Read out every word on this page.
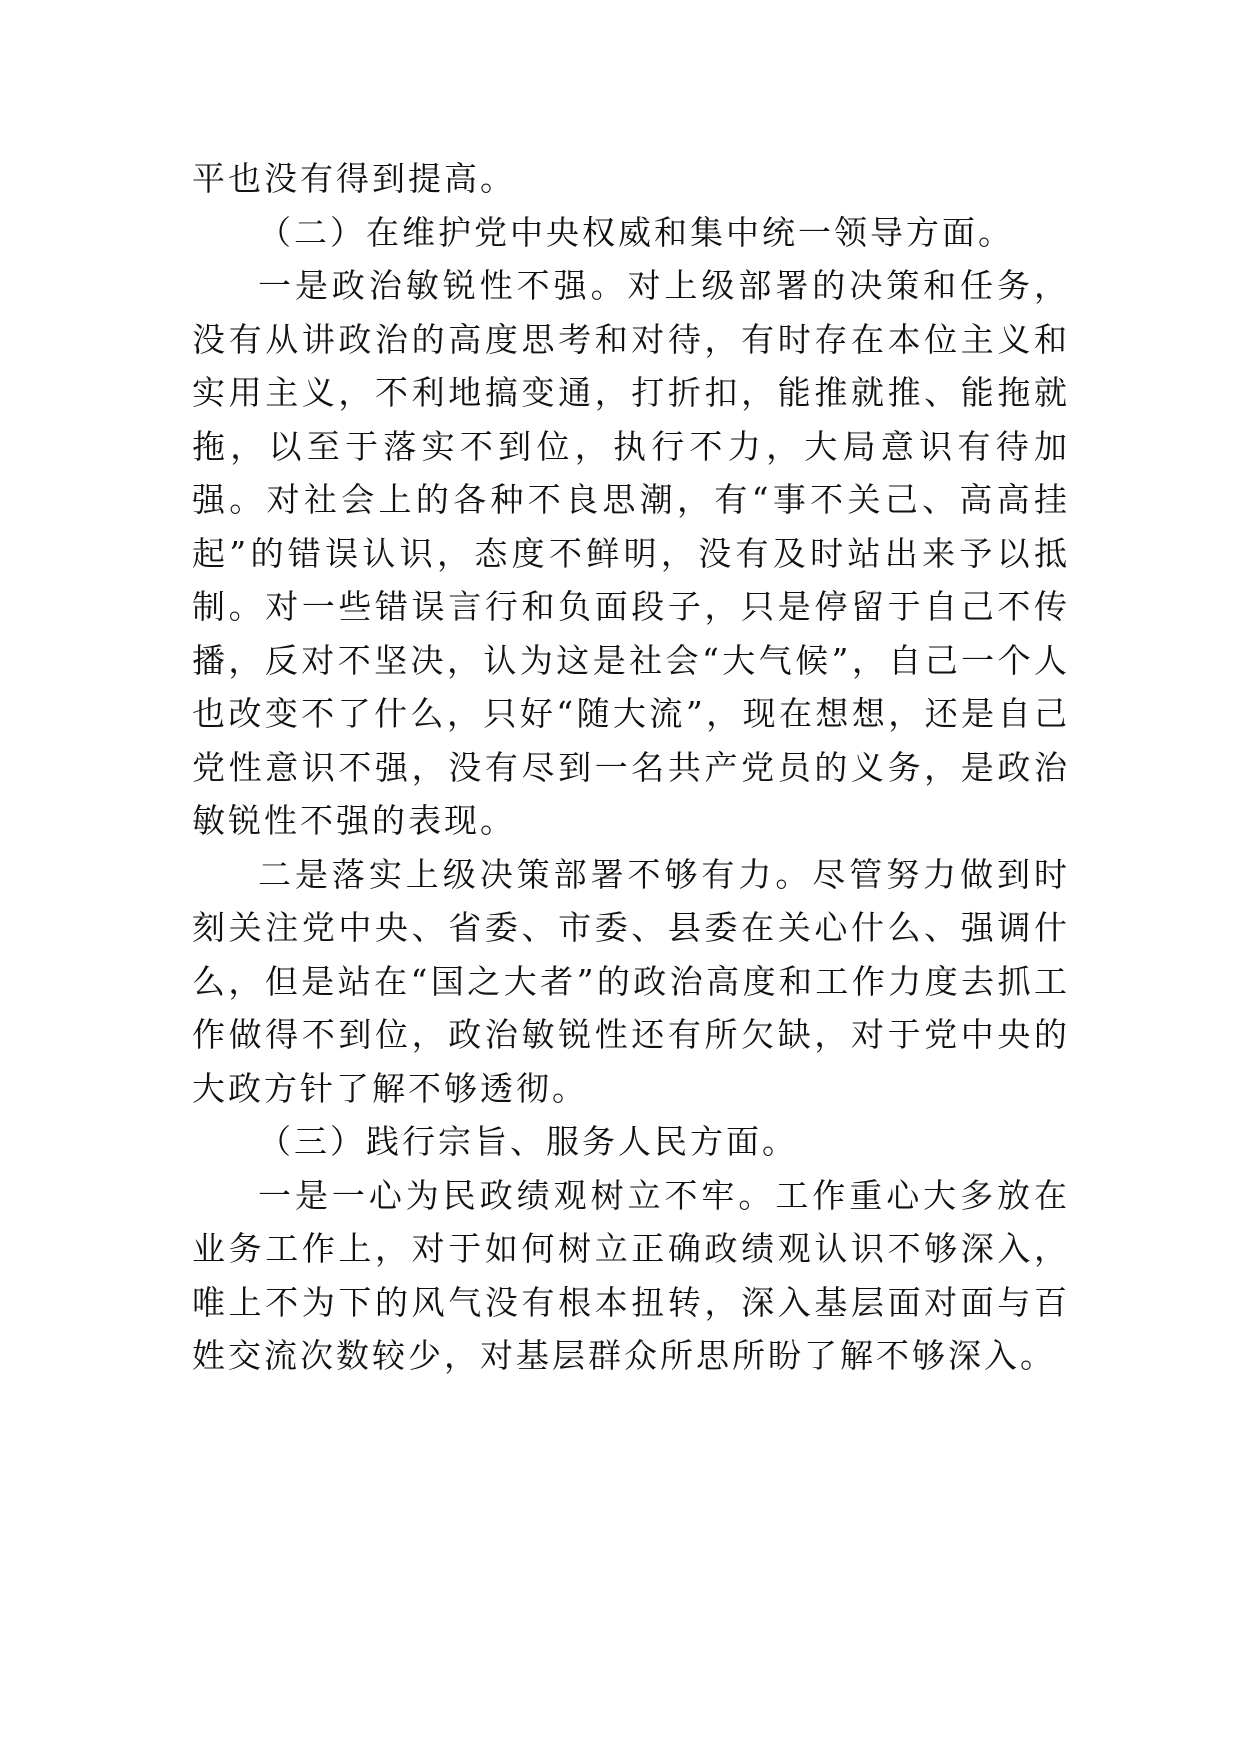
平也没有得到提高。

（二）在维护党中央权威和集中统一领导方面。

一是政治敏锐性不强。对上级部署的决策和任务，没有从讲政治的高度思考和对待，有时存在本位主义和实用主义，不利地搞变通，打折扣，能推就推、能拖就拖，以至于落实不到位，执行不力，大局意识有待加强。对社会上的各种不良思潮，有“事不关己、高高挂起”的错误认识，态度不鲜明，没有及时站出来予以抵制。对一些错误言行和负面段子，只是停留于自己不传播，反对不坚决，认为这是社会“大气候”，自己一个人也改变不了什么，只好“随大流”，现在想想，还是自己党性意识不强，没有尽到一名共产党员的义务，是政治敏锐性不强的表现。

二是落实上级决策部署不够有力。尽管努力做到时刻关注党中央、省委、市委、县委在关心什么、强调什么，但是站在“国之大者”的政治高度和工作力度去抓工作做得不到位，政治敏锐性还有所欠缺，对于党中央的大政方针了解不够透彻。

（三）践行宗旨、服务人民方面。

一是一心为民政绩观树立不牢。工作重心大多放在业务工作上，对于如何树立正确政绩观认识不够深入，唯上不为下的风气没有根本扭转，深入基层面对面与百姓交流次数较少，对基层群众所思所盼了解不够深入。
